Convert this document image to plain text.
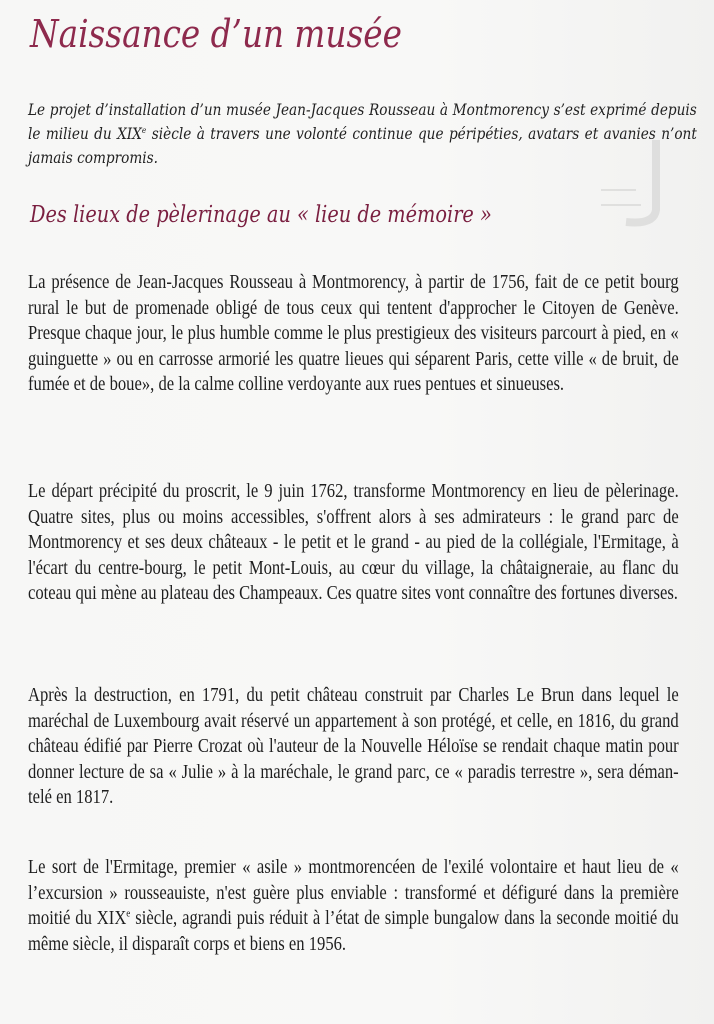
Naissance d’un musée

Le projet d’installation d’un musée Jean-Jacques Rousseau à Montmorency s’est exprimé depuis le milieu du XIXe siècle à travers une volonté continue que péripéties, avatars et avanies n’ont jamais compromis.

Des lieux de pèlerinage au « lieu de mémoire »

La présence de Jean-Jacques Rousseau à Montmorency, à partir de 1756, fait de ce petit bourg rural le but de promenade obligé de tous ceux qui tentent d'approcher le Citoyen de Genève. Presque chaque jour, le plus humble comme le plus prestigieux des visiteurs parcourt à pied, en « guinguette » ou en carrosse armorié les quatre lieues qui séparent Paris, cette ville « de bruit, de fumée et de boue», de la calme colline verdoyante aux rues pentues et sinueuses.

Le départ précipité du proscrit, le 9 juin 1762, transforme Montmorency en lieu de pèlerinage. Quatre sites, plus ou moins accessibles, s'offrent alors à ses admirateurs : le grand parc de Montmorency et ses deux châteaux - le petit et le grand - au pied de la collégiale, l'Ermitage, à l'écart du centre-bourg, le petit Mont-Louis, au cœur du village, la châtaigneraie, au flanc du coteau qui mène au plateau des Champeaux. Ces quatre sites vont connaître des fortunes diverses.

Après la destruction, en 1791, du petit château construit par Charles Le Brun dans lequel le maréchal de Luxembourg avait réservé un appartement à son protégé, et celle, en 1816, du grand château édifié par Pierre Crozat où l'auteur de la Nouvelle Héloïse se rendait chaque matin pour donner lecture de sa « Julie » à la maréchale, le grand parc, ce « paradis terrestre », sera démantelé en 1817.

Le sort de l'Ermitage, premier « asile » montmorencéen de l'exilé volontaire et haut lieu de « l’excursion » rousseauiste, n'est guère plus enviable : transformé et défiguré dans la première moitié du XIXe siècle, agrandi puis réduit à l’état de simple bungalow dans la seconde moitié du même siècle, il disparaît corps et biens en 1956.
